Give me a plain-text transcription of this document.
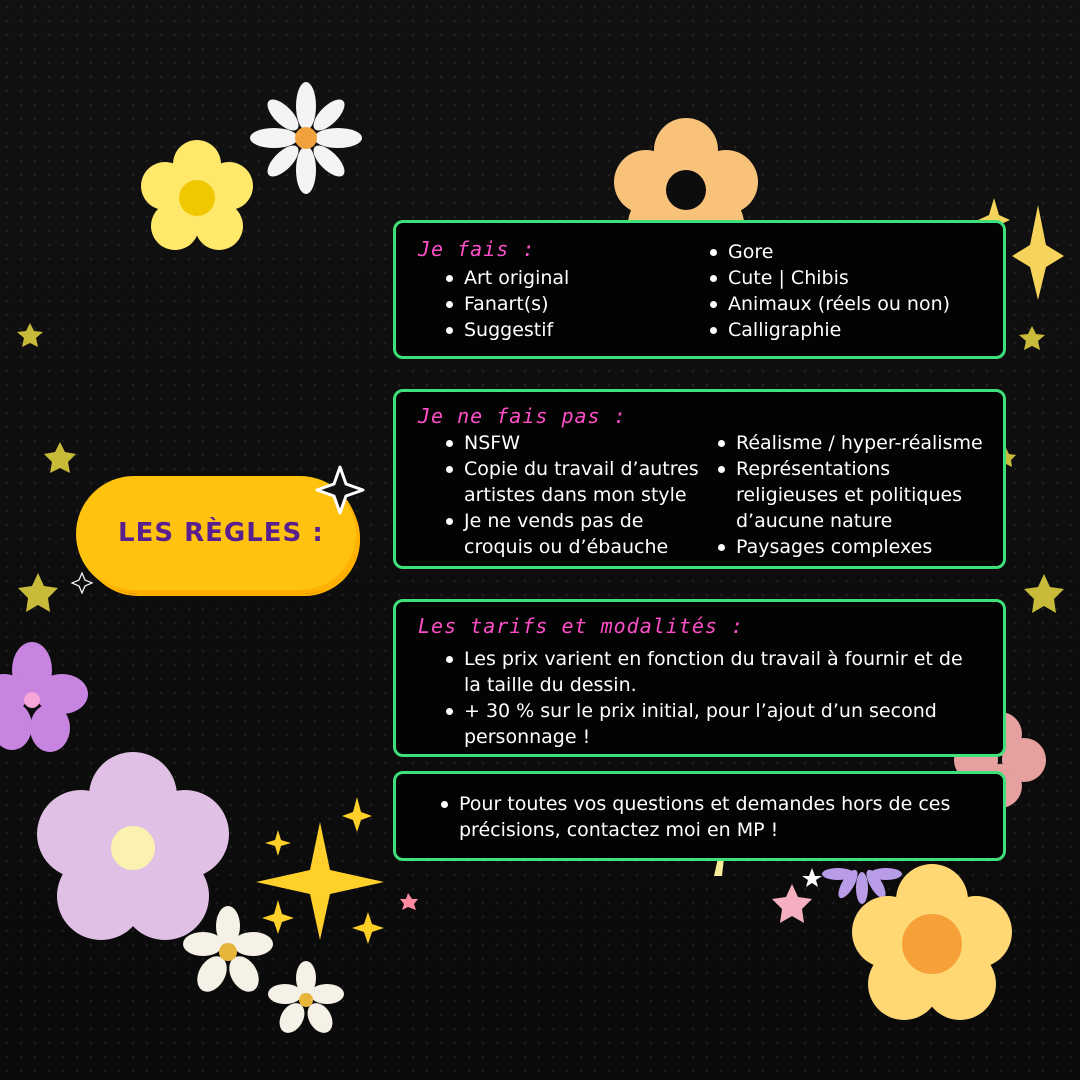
LES RÈGLES :
Je fais :
Art original
Fanart(s)
Suggestif
Gore
Cute | Chibis
Animaux (réels ou non)
Calligraphie
Je ne fais pas :
NSFW
Copie du travail d’autres artistes dans mon style
Je ne vends pas de croquis ou d’ébauche
Réalisme / hyper-réalisme
Représentations religieuses et politiques d’aucune nature
Paysages complexes
Les tarifs et modalités :
Les prix varient en fonction du travail à fournir et de la taille du dessin.
+ 30 % sur le prix initial, pour l’ajout d’un second personnage !
Pour toutes vos questions et demandes hors de ces précisions, contactez moi en MP !
